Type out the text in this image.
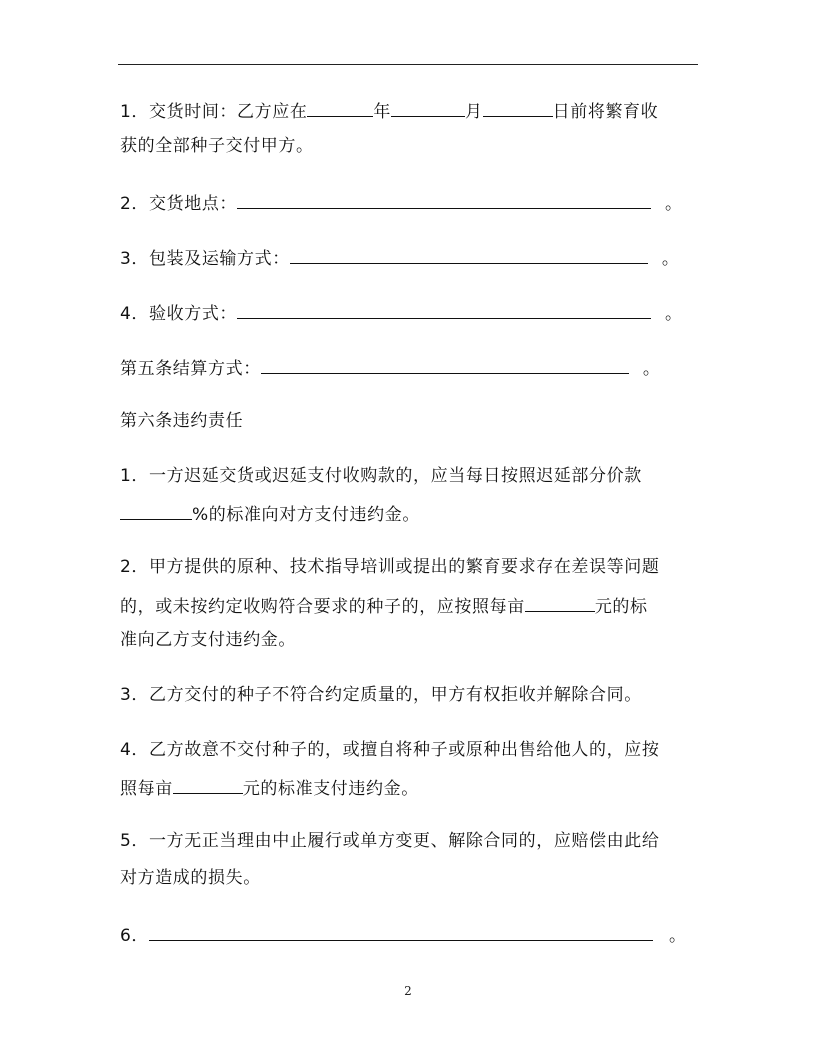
1．交货时间：乙方应在	年	月	日前将繁育收
获的全部种子交付甲方。
2．交货地点：	。
3．包装及运输方式：	。
4．验收方式：	。
第五条结算方式：	。
第六条违约责任
1．一方迟延交货或迟延支付收购款的，应当每日按照迟延部分价款
%的标准向对方支付违约金。
2．甲方提供的原种、技术指导培训或提出的繁育要求存在差误等问题
的，或未按约定收购符合要求的种子的，应按照每亩	元的标
准向乙方支付违约金。
3．乙方交付的种子不符合约定质量的，甲方有权拒收并解除合同。
4．乙方故意不交付种子的，或擅自将种子或原种出售给他人的，应按
照每亩	元的标准支付违约金。
5．一方无正当理由中止履行或单方变更、解除合同的，应赔偿由此给
对方造成的损失。
6．	。
2
